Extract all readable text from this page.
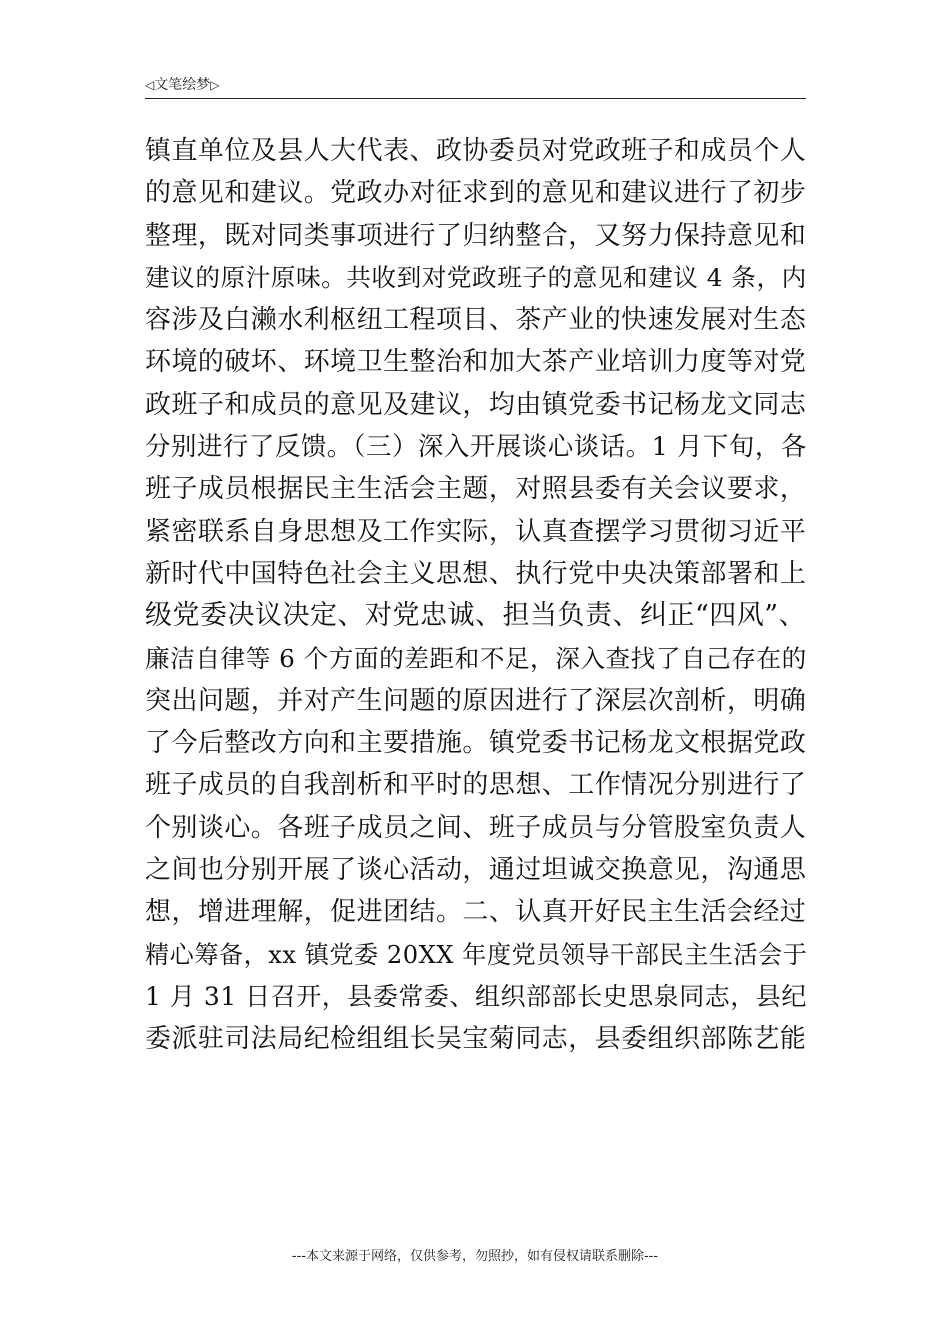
◁文笔绘梦▷
镇直单位及县人大代表、政协委员对党政班子和成员个人
的意见和建议。党政办对征求到的意见和建议进行了初步
整理，既对同类事项进行了归纳整合，又努力保持意见和
建议的原汁原味。共收到对党政班子的意见和建议 4 条，内
容涉及白濑水利枢纽工程项目、茶产业的快速发展对生态
环境的破坏、环境卫生整治和加大茶产业培训力度等对党
政班子和成员的意见及建议，均由镇党委书记杨龙文同志
分别进行了反馈。（三）深入开展谈心谈话。1 月下旬，各
班子成员根据民主生活会主题，对照县委有关会议要求，
紧密联系自身思想及工作实际，认真查摆学习贯彻习近平
新时代中国特色社会主义思想、执行党中央决策部署和上
级党委决议决定、对党忠诚、担当负责、纠正“四风”、
廉洁自律等 6 个方面的差距和不足，深入查找了自己存在的
突出问题，并对产生问题的原因进行了深层次剖析，明确
了今后整改方向和主要措施。镇党委书记杨龙文根据党政
班子成员的自我剖析和平时的思想、工作情况分别进行了
个别谈心。各班子成员之间、班子成员与分管股室负责人
之间也分别开展了谈心活动，通过坦诚交换意见，沟通思
想，增进理解，促进团结。二、认真开好民主生活会经过
精心筹备，xx 镇党委 20XX 年度党员领导干部民主生活会于
1 月 31 日召开，县委常委、组织部部长史思泉同志，县纪
委派驻司法局纪检组组长吴宝菊同志，县委组织部陈艺能
---本文来源于网络，仅供参考，勿照抄，如有侵权请联系删除---
